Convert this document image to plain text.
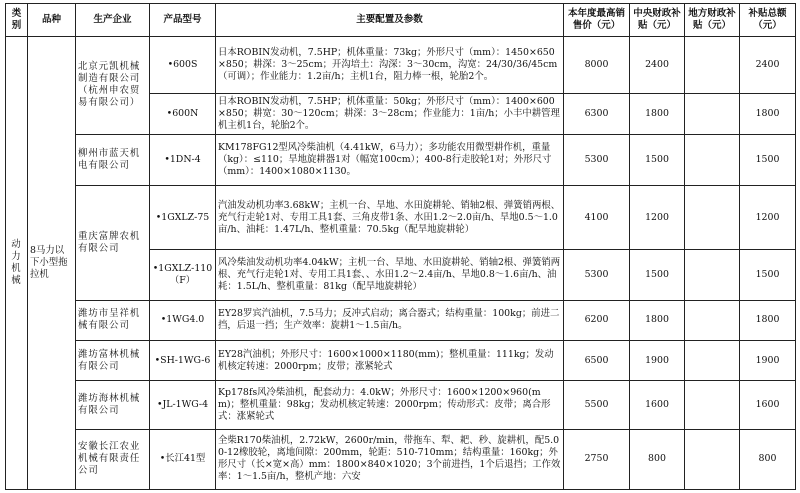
类别	品种	生产企业	产品型号	主要配置及参数	本年度最高销售价（元）	中央财政补贴（元）	地方财政补贴（元）	补贴总额（元）
动力机械	8马力以下小型拖拉机	北京元凯机械制造有限公司（杭州申农贸易有限公司）	•600S	日本ROBIN发动机，7.5HP；机体重量：73kg；外形尺寸（mm）：1450×650×850；耕深：3～25cm；开沟培土：沟深：3～30cm，沟宽：24/30/36/45cm（可调）；作业能力：1.2亩/h；主机1台，阻力棒一根，轮胎2个。	8000	2400		2400
			•600N	日本ROBIN发动机，7.5HP；机体重量：50kg；外形尺寸（mm）：1400×600×850；耕宽：30～120cm；耕深：3～28cm；作业能力：1亩/h；小丰中耕管理机主机1台，轮胎2个。	6300	1800		1800
		柳州市蓝天机电有限公司	•1DN-4	KM178FG12型风冷柴油机（4.41kW，6马力）；多功能农用微型耕作机，重量（kg）：≤110；旱地旋耕器1对（幅宽100cm）；400-8行走胶轮1对；外形尺寸（mm）：1400×1080×1130。	5300	1500		1500
		重庆富牌农机有限公司	•1GXLZ-75	汽油发动机功率3.68kW；主机一台、旱地、水田旋耕轮、销轴2根、弹簧销两根、充气行走轮1对、专用工具1套、三角皮带1条、水田1.2～2.0亩/h、旱地0.5～1.0亩/h、油耗：1.47L/h、整机重量：70.5kg（配旱地旋耕轮）	4100	1200		1200
			•1GXLZ-110（F）	风冷柴油发动机功率4.04kW；主机一台、旱地、水田旋耕轮、销轴2根、弹簧销两根、充气行走轮1对、专用工具1套、、水田1.2～2.4亩/h、旱地0.8～1.6亩/h、油耗：1.5L/h、整机重量：81kg（配旱地旋耕轮）	5300	1500		1500
		潍坊市呈祥机械有限公司	•1WG4.0	EY28罗宾汽油机，7.5马力；反冲式启动；离合器式；结构重量：100kg；前进二挡，后退一挡；生产效率：旋耕1～1.5亩/h。	6200	1800		1800
		潍坊富林机械有限公司	•SH-1WG-6	EY28汽油机；外形尺寸：1600×1000×1180(mm)；整机重量：111kg；发动机核定转速：2000rpm；皮带；涨紧轮式	6500	1900		1900
		潍坊海林机械有限公司	•JL-1WG-4	Kp178fs风冷柴油机，配套动力：4.0kW；外形尺寸：1600×1200×960(mm)；整机重量：98kg；发动机核定转速：2000rpm；传动形式：皮带；离合形式：涨紧轮式	5500	1600		1600
		安徽长江农业机械有限责任公司	•长江41型	全柴R170柴油机，2.72kW，2600r/min，带拖车、犁、耙、秒、旋耕机，配5.00-12橡胶轮，离地间隙：200mm，轮距：510-710mm；结构重量：160kg；外形尺寸（长×宽×高）mm：1800×840×1020；3个前进挡，1个后退挡；工作效率：1～1.5亩/h，整机产地：六安	2750	800		800
